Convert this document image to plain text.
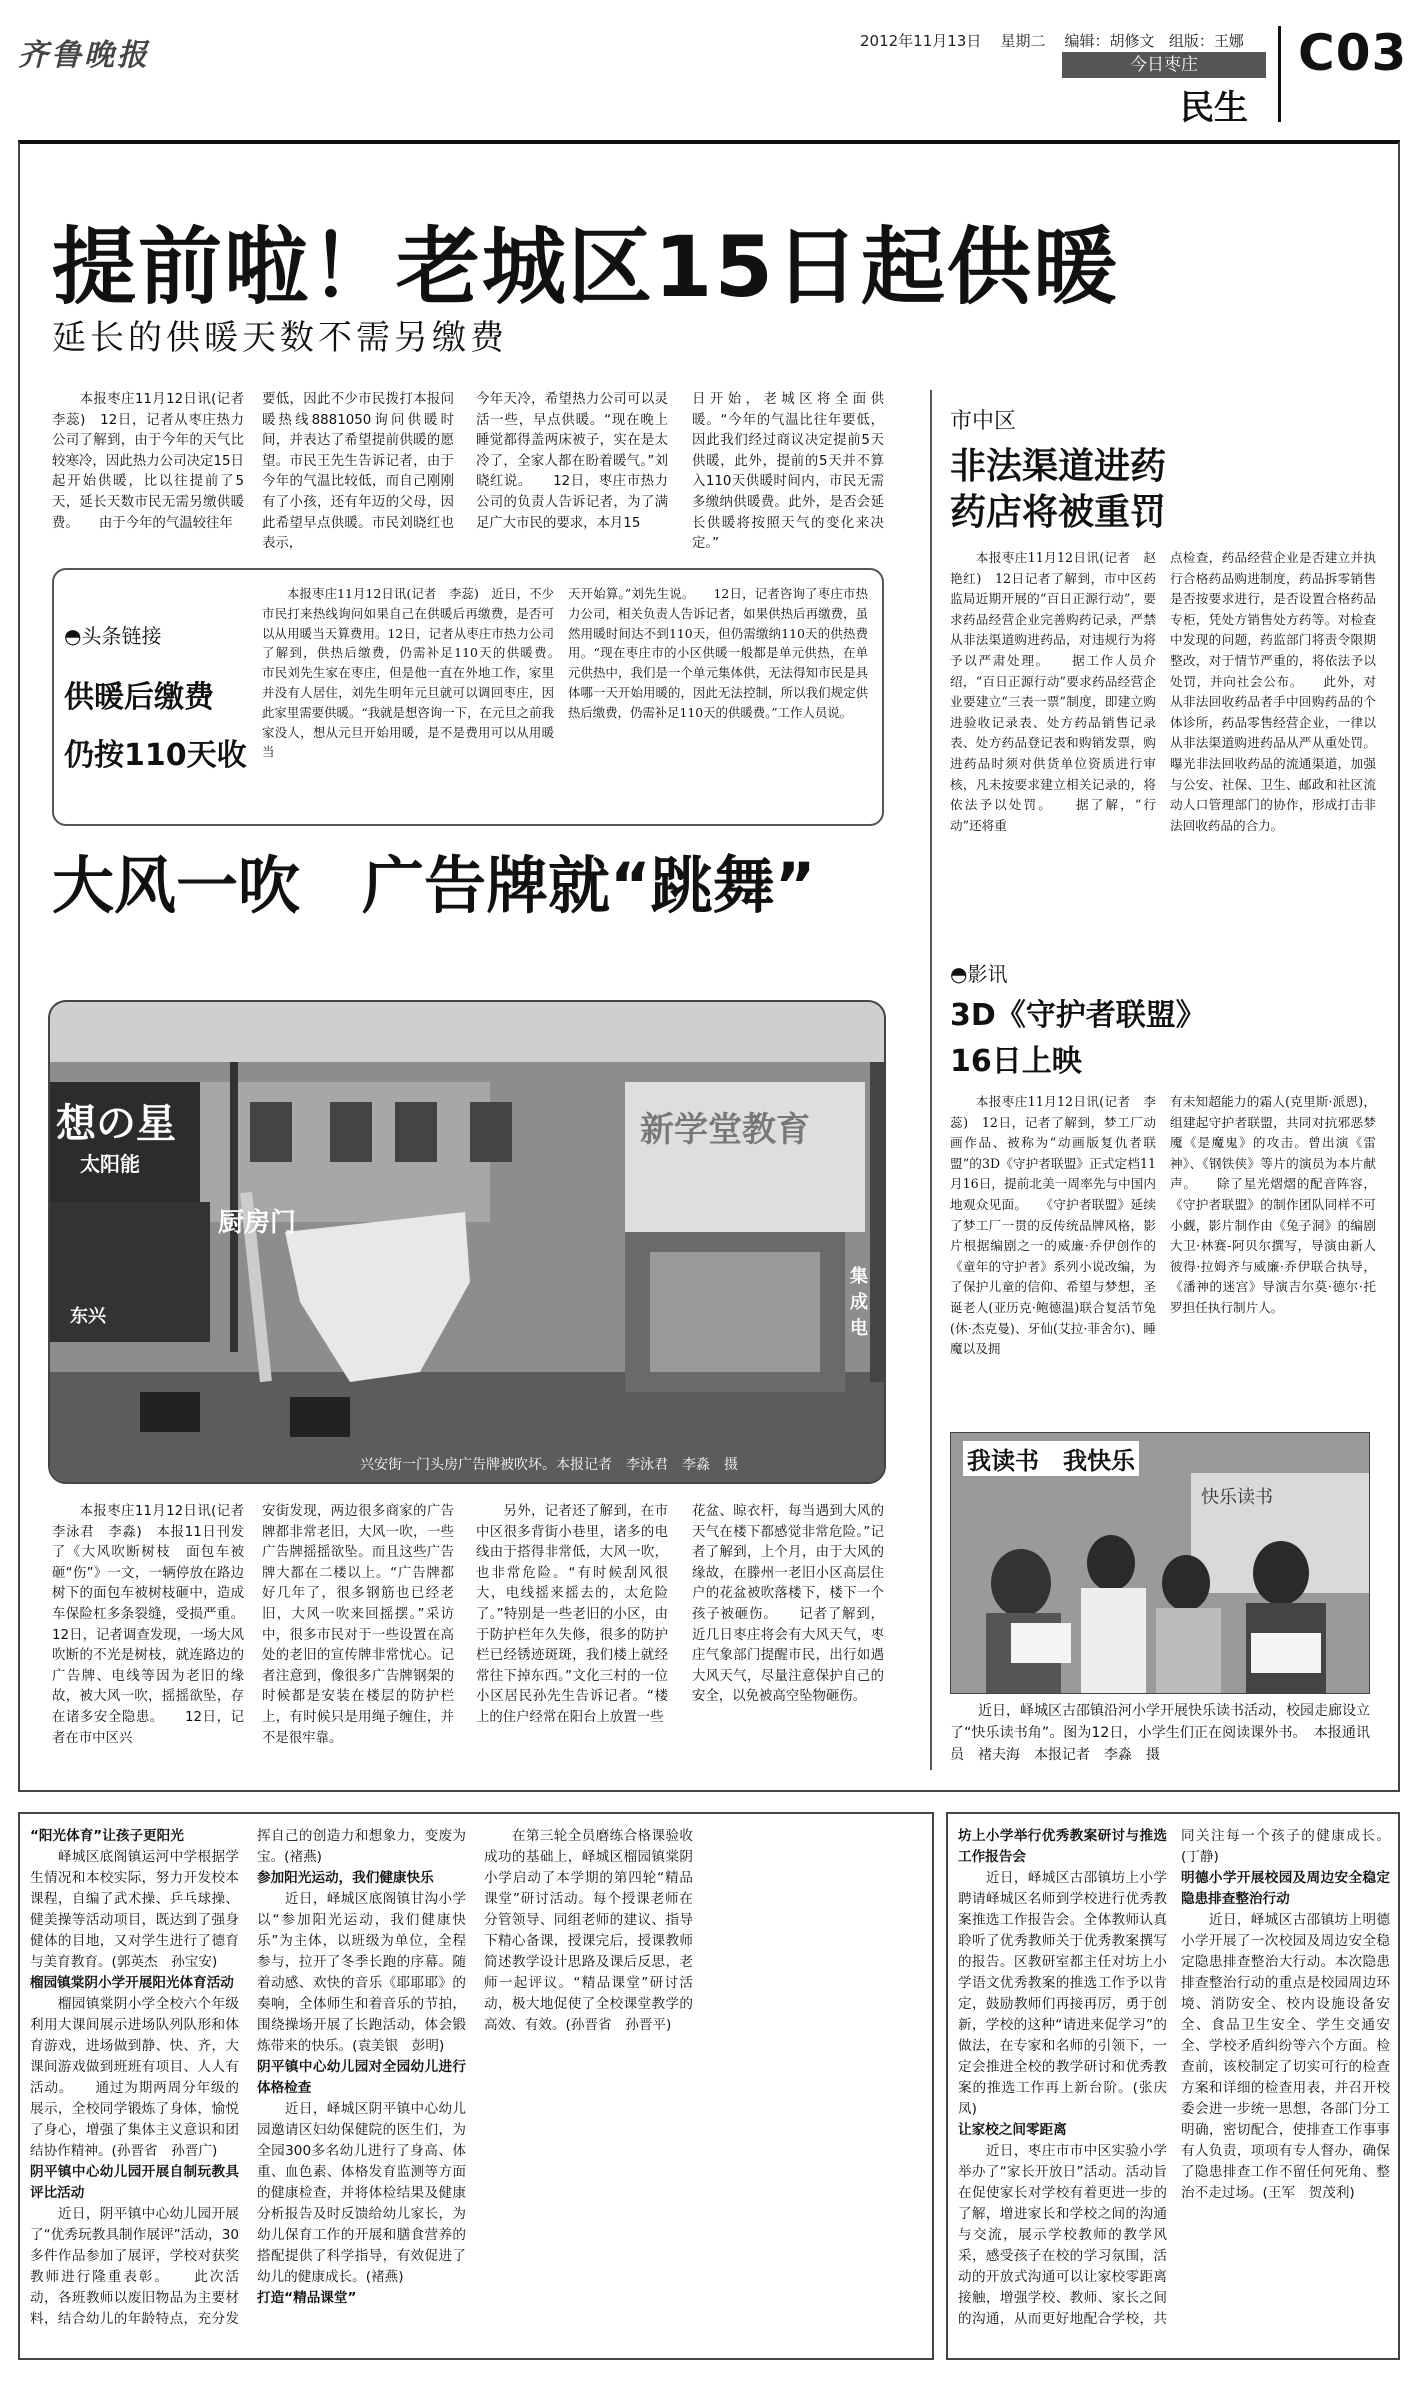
齐鲁晚报	2012年11月13日 星期二 编辑：胡修文 组版：王娜
今日枣庄
民生
C03
提前啦！老城区15日起供暖
延长的供暖天数不需另缴费
　　本报枣庄11月12日讯(记者　李蕊)　12日，记者从枣庄热力公司了解到，由于今年的天气比较寒冷，因此热力公司决定15日起开始供暖，比以往提前了5天，延长天数市民无需另缴供暖费。　　由于今年的气温较往年
要低，因此不少市民拨打本报问暖热线8881050询问供暖时间，并表达了希望提前供暖的愿望。市民王先生告诉记者，由于今年的气温比较低，而自己刚刚有了小孩，还有年迈的父母，因此希望早点供暖。市民刘晓红也表示，
今年天冷，希望热力公司可以灵活一些，早点供暖。“现在晚上睡觉都得盖两床被子，实在是太冷了，全家人都在盼着暖气。”刘晓红说。　　12日，枣庄市热力公司的负责人告诉记者，为了满足广大市民的要求，本月15
日开始，老城区将全面供暖。“今年的气温比往年要低，因此我们经过商议决定提前5天供暖，此外，提前的5天并不算入110天供暖时间内，市民无需多缴纳供暖费。此外，是否会延长供暖将按照天气的变化来决定。”
◓头条链接
供暖后缴费
仍按110天收
　　本报枣庄11月12日讯(记者　李蕊)　近日，不少市民打来热线询问如果自己在供暖后再缴费，是否可以从用暖当天算费用。12日，记者从枣庄市热力公司了解到，供热后缴费，仍需补足110天的供暖费。　　市民刘先生家在枣庄，但是他一直在外地工作，家里并没有人居住，刘先生明年元旦就可以调回枣庄，因此家里需要供暖。“我就是想咨询一下，在元旦之前我家没人，想从元旦开始用暖，是不是费用可以从用暖当
天开始算。”刘先生说。　　12日，记者咨询了枣庄市热力公司，相关负责人告诉记者，如果供热后再缴费，虽然用暖时间达不到110天，但仍需缴纳110天的供热费用。“现在枣庄市的小区供暖一般都是单元供热，在单元供热中，我们是一个单元集体供，无法得知市民是具体哪一天开始用暖的，因此无法控制，所以我们规定供热后缴费，仍需补足110天的供暖费。”工作人员说。
大风一吹　广告牌就“跳舞”
想の星
太阳能
新学堂教育
厨房门
集成电
东兴
兴安街一门头房广告牌被吹坏。本报记者　李泳君　李淼　摄
　　本报枣庄11月12日讯(记者　李泳君　李淼)　本报11日刊发了《大风吹断树枝　面包车被砸“伤”》一文，一辆停放在路边树下的面包车被树枝砸中，造成车保险杠多条裂缝，受损严重。12日，记者调查发现，一场大风吹断的不光是树枝，就连路边的广告牌、电线等因为老旧的缘故，被大风一吹，摇摇欲坠，存在诸多安全隐患。　　12日，记者在市中区兴
安街发现，两边很多商家的广告牌都非常老旧，大风一吹，一些广告牌摇摇欲坠。而且这些广告牌大都在二楼以上。“广告牌都好几年了，很多钢筋也已经老旧，大风一吹来回摇摆。”采访中，很多市民对于一些设置在高处的老旧的宣传牌非常忧心。记者注意到，像很多广告牌钢架的时候都是安装在楼层的防护栏上，有时候只是用绳子缠住，并不是很牢靠。
　　另外，记者还了解到，在市中区很多背街小巷里，诸多的电线由于搭得非常低，大风一吹，也非常危险。“有时候刮风很大，电线摇来摇去的，太危险了。”特别是一些老旧的小区，由于防护栏年久失修，很多的防护栏已经锈迹斑斑，我们楼上就经常往下掉东西。”文化三村的一位小区居民孙先生告诉记者。“楼上的住户经常在阳台上放置一些
花盆、晾衣杆，每当遇到大风的天气在楼下都感觉非常危险。”记者了解到，上个月，由于大风的缘故，在滕州一老旧小区高层住户的花盆被吹落楼下，楼下一个孩子被砸伤。　　记者了解到，近几日枣庄将会有大风天气，枣庄气象部门提醒市民，出行如遇大风天气，尽量注意保护自己的安全，以免被高空坠物砸伤。
市中区
非法渠道进药
药店将被重罚
　　本报枣庄11月12日讯(记者　赵艳红)　12日记者了解到，市中区药监局近期开展的“百日正源行动”，要求药品经营企业完善购药记录，严禁从非法渠道购进药品，对违规行为将予以严肃处理。　　据工作人员介绍，“百日正源行动”要求药品经营企业要建立“三表一票”制度，即建立购进验收记录表、处方药品销售记录表、处方药品登记表和购销发票，购进药品时须对供货单位资质进行审核，凡未按要求建立相关记录的，将依法予以处罚。　　据了解，“行动”还将重
点检查，药品经营企业是否建立并执行合格药品购进制度，药品拆零销售是否按要求进行，是否设置合格药品专柜，凭处方销售处方药等。对检查中发现的问题，药监部门将责令限期整改，对于情节严重的，将依法予以处罚，并向社会公布。　　此外，对从非法回收药品者手中回购药品的个体诊所，药品零售经营企业，一律以从非法渠道购进药品从严从重处罚。曝光非法回收药品的流通渠道，加强与公安、社保、卫生、邮政和社区流动人口管理部门的协作，形成打击非法回收药品的合力。
◓影讯
3D《守护者联盟》
16日上映
　　本报枣庄11月12日讯(记者　李蕊)　12日，记者了解到，梦工厂动画作品、被称为“动画版复仇者联盟”的3D《守护者联盟》正式定档11月16日，提前北美一周率先与中国内地观众见面。　　《守护者联盟》延续了梦工厂一贯的反传统品牌风格，影片根据编剧之一的威廉·乔伊创作的《童年的守护者》系列小说改编，为了保护儿童的信仰、希望与梦想，圣诞老人(亚历克·鲍德温)联合复活节兔(休·杰克曼)、牙仙(艾拉·菲舍尔)、睡魔以及拥
有未知超能力的霜人(克里斯·派恩)，组建起守护者联盟，共同对抗邪恶梦魇《是魔鬼》的攻击。曾出演《雷神》、《钢铁侠》等片的演员为本片献声。　　除了星光熠熠的配音阵容，《守护者联盟》的制作团队同样不可小觑，影片制作由《兔子洞》的编剧大卫·林赛-阿贝尔撰写，导演由新人彼得·拉姆齐与威廉·乔伊联合执导，《潘神的迷宫》导演吉尔莫·德尔·托罗担任执行制片人。
我读书　我快乐
快乐读书
　　近日，峄城区古邵镇沿河小学开展快乐读书活动，校园走廊设立了“快乐读书角”。图为12日，小学生们正在阅读课外书。　本报通讯员　褚夫海　本报记者　李淼　摄
“阳光体育”让孩子更阳光
　　峄城区底阁镇运河中学根据学生情况和本校实际，努力开发校本课程，自编了武术操、乒乓球操、健美操等活动项目，既达到了强身健体的目地，又对学生进行了德育与美育教育。(郭英杰　孙宝安)
榴园镇棠阴小学开展阳光体育活动
　　榴园镇棠阴小学全校六个年级利用大课间展示进场队列队形和体育游戏，进场做到静、快、齐，大课间游戏做到班班有项目、人人有活动。　　通过为期两周分年级的展示，全校同学锻炼了身体，愉悦了身心，增强了集体主义意识和团结协作精神。(孙晋省　孙晋广)
阴平镇中心幼儿园开展自制玩教具评比活动
　　近日，阴平镇中心幼儿园开展了“优秀玩教具制作展评”活动，30多件作品参加了展评，学校对获奖教师进行隆重表彰。　　此次活动，各班教师以废旧物品为主要材料，结合幼儿的年龄特点，充分发挥自己的创造力和想象力，变废为宝。(褚燕)
参加阳光运动，我们健康快乐
　　近日，峄城区底阁镇甘沟小学以“参加阳光运动，我们健康快乐”为主体，以班级为单位，全程参与，拉开了冬季长跑的序幕。随着动感、欢快的音乐《耶耶耶》的奏响，全体师生和着音乐的节拍，围绕操场开展了长跑活动，体会锻炼带来的快乐。(袁美银　彭明)
阴平镇中心幼儿园对全园幼儿进行体格检查
　　近日，峄城区阴平镇中心幼儿园邀请区妇幼保健院的医生们，为全园300多名幼儿进行了身高、体重、血色素、体格发育监测等方面的健康检查，并将体检结果及健康分析报告及时反馈给幼儿家长，为幼儿保育工作的开展和膳食营养的搭配提供了科学指导，有效促进了幼儿的健康成长。(褚燕)
打造“精品课堂”
　　在第三轮全员磨练合格课验收成功的基础上，峄城区榴园镇棠阴小学启动了本学期的第四轮“精品课堂”研讨活动。每个授课老师在分管领导、同组老师的建议、指导下精心备课，授课完后，授课教师简述教学设计思路及课后反思，老师一起评议。“精品课堂”研讨活动，极大地促使了全校课堂教学的高效、有效。(孙晋省　孙晋平)
坊上小学举行优秀教案研讨与推选工作报告会
　　近日，峄城区古邵镇坊上小学聘请峄城区名师到学校进行优秀教案推选工作报告会。全体教师认真聆听了优秀教师关于优秀教案撰写的报告。区教研室都主任对坊上小学语文优秀教案的推选工作予以肯定，鼓励教师们再接再厉，勇于创新，学校的这种“请进来促学习”的做法，在专家和名师的引领下，一定会推进全校的教学研讨和优秀教案的推选工作再上新台阶。(张庆凤)
让家校之间零距离
　　近日，枣庄市市中区实验小学举办了“家长开放日”活动。活动旨在促使家长对学校有着更进一步的了解，增进家长和学校之间的沟通与交流，展示学校教师的教学风采，感受孩子在校的学习氛围，活动的开放式沟通可以让家校零距离接触，增强学校、教师、家长之间的沟通，从而更好地配合学校，共同关注每一个孩子的健康成长。(丁静)
明德小学开展校园及周边安全稳定隐患排查整治行动
　　近日，峄城区古邵镇坊上明德小学开展了一次校园及周边安全稳定隐患排查整治大行动。本次隐患排查整治行动的重点是校园周边环境、消防安全、校内设施设备安全、食品卫生安全、学生交通安全、学校矛盾纠纷等六个方面。检查前，该校制定了切实可行的检查方案和详细的检查用表，并召开校委会进一步统一思想，各部门分工明确，密切配合，使排查工作事事有人负责，项项有专人督办，确保了隐患排查工作不留任何死角、整治不走过场。(王军　贺茂利)
